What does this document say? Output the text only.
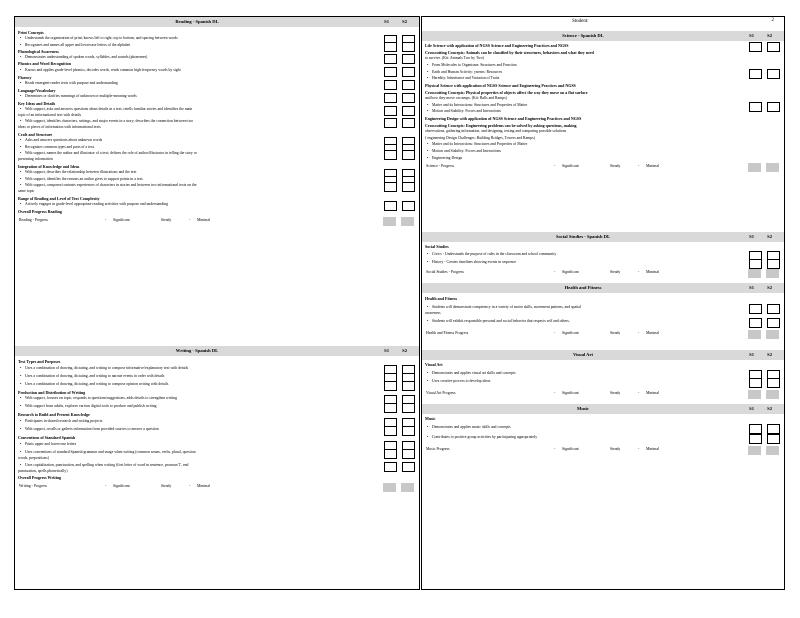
Reading - Spanish DL	S1	S2
Print Concepts
• Understands the organization of print; knows left to right, top to bottom, and spacing between words
• Recognizes and names all upper and lowercase letters of the alphabet
Phonological Awareness
• Demonstrates understanding of spoken words, syllables, and sounds (phonemes)
Phonics and Word Recognition
• Knows and applies grade-level phonics, decodes words, reads common high-frequency words by sight
Fluency
• Reads emergent-reader texts with purpose and understanding
Language/Vocabulary
• Determines or clarifies meanings of unknown or multiple-meaning words
Key Ideas and Details
• With support, asks and answers questions about details in a text; retells familiar stories and identifies the main
topic of an informational text with details
• With support, identifies characters, settings, and major events in a story; describes the connection between two
ideas or pieces of information with informational texts
Craft and Structure
• Asks and answers questions about unknown words
• Recognizes common types and parts of a text.
• With support, names the author and illustrator of a text; defines the role of author/illustrator in telling the story or
presenting information
Integration of Knowledge and Ideas
• With support, describes the relationship between illustrations and the text
• With support, identifies the reasons an author gives to support points in a text.
• With support, compares/contrasts experiences of characters in stories and between two informational texts on the
same topic
Range of Reading and Level of Text Complexity
• Actively engages in grade-level appropriate reading activities with purpose and understanding
Overall Progress Reading
Reading - Progress	- Significant	Steady	- Minimal
Writing - Spanish DL	S1	S2
Text Types and Purposes
• Uses a combination of drawing, dictating, and writing to compose informative/explanatory text with details
• Uses a combination of drawing, dictating, and writing to narrate events in order with details
• Uses a combination of drawing, dictating, and writing to compose opinion writing with details
Production and Distribution of Writing
• With support, focuses on topic, responds to questions/suggestions, adds details to strengthen writing
• With support from adults, explores various digital tools to produce and publish writing
Research to Build and Present Knowledge
• Participates in shared research and writing projects
• With support, recalls or gathers information from provided sources to answer a question
Conventions of Standard Spanish
• Prints upper and lowercase letters
• Uses conventions of standard Spanish grammar and usage when writing (common nouns, verbs, plural, question
words, prepositions)
• Uses capitalization, punctuation, and spelling when writing (first letter of word in sentence, pronoun 'I', end
punctuation, spells phonetically)
Overall Progress Writing
Writing - Progress	- Significant	Steady	- Minimal
Student:	2
Science - Spanish DL	S1	S2
Life Science with application of NGSS Science and Engineering Practices and NGSS
Crosscutting Concepts: Animals can be classified by their structures, behaviors and what they need
to survive. (Kit: Animals Two by Two)
• From Molecules to Organisms: Structures and Function
• Earth and Human Activity: ystems: Resources
• Heredity: Inheritance and Variation of Traits
Physical Science with application of NGSS Science and Engineering Practices and NGSS
Crosscutting Concepts: Physical properties of objects affect the way they move on a flat surface
and how they move on ramps. (Kit: Balls and Ramps)
• Matter and its Interactions: Structures and Properties of Matter
• Motion and Stability: Forces and Interactions
Engineering Design with application of NGSS Science and Engineering Practices and NGSS
Crosscutting Concepts: Engineering problems can be solved by asking questions, making
observations, gathering information, and designing, testing and comparing possible solutions
( engineering Design Challenges: Building Bridges, Towers and Ramps)
• Matter and its Interactions: Structures and Properties of Matter
• Motion and Stability: Forces and Interactions
• Engineering Design
Science - Progress	- Significant	Steady	- Minimal
Social Studies - Spanish DL	S1	S2
Social Studies
• Civics - Understands the purpose of rules in the classroom and school community
• History - Creates timelines showing events in sequence
Social Studies - Progress	- Significant	Steady	- Minimal
Health and Fitness	S1	S2
Health and Fitness
• Students will demonstrate competency in a variety of motor skills, movement patterns, and spatial
awareness
• Students will exhibit responsible personal and social behavior that respects self and others.
Health and Fitness Progress	- Significant	Steady	- Minimal
Visual Art	S1	S2
Visual Art
• Demonstrates and applies visual art skills and concepts
• Uses creative process to develop ideas
Visual Art Progress	- Significant	Steady	- Minimal
Music	S1	S2
Music
• Demonstrates and applies music skills and concepts
• Contributes to positive group activities by participating appropriately
Music Progress	- Significant	Steady	- Minimal
